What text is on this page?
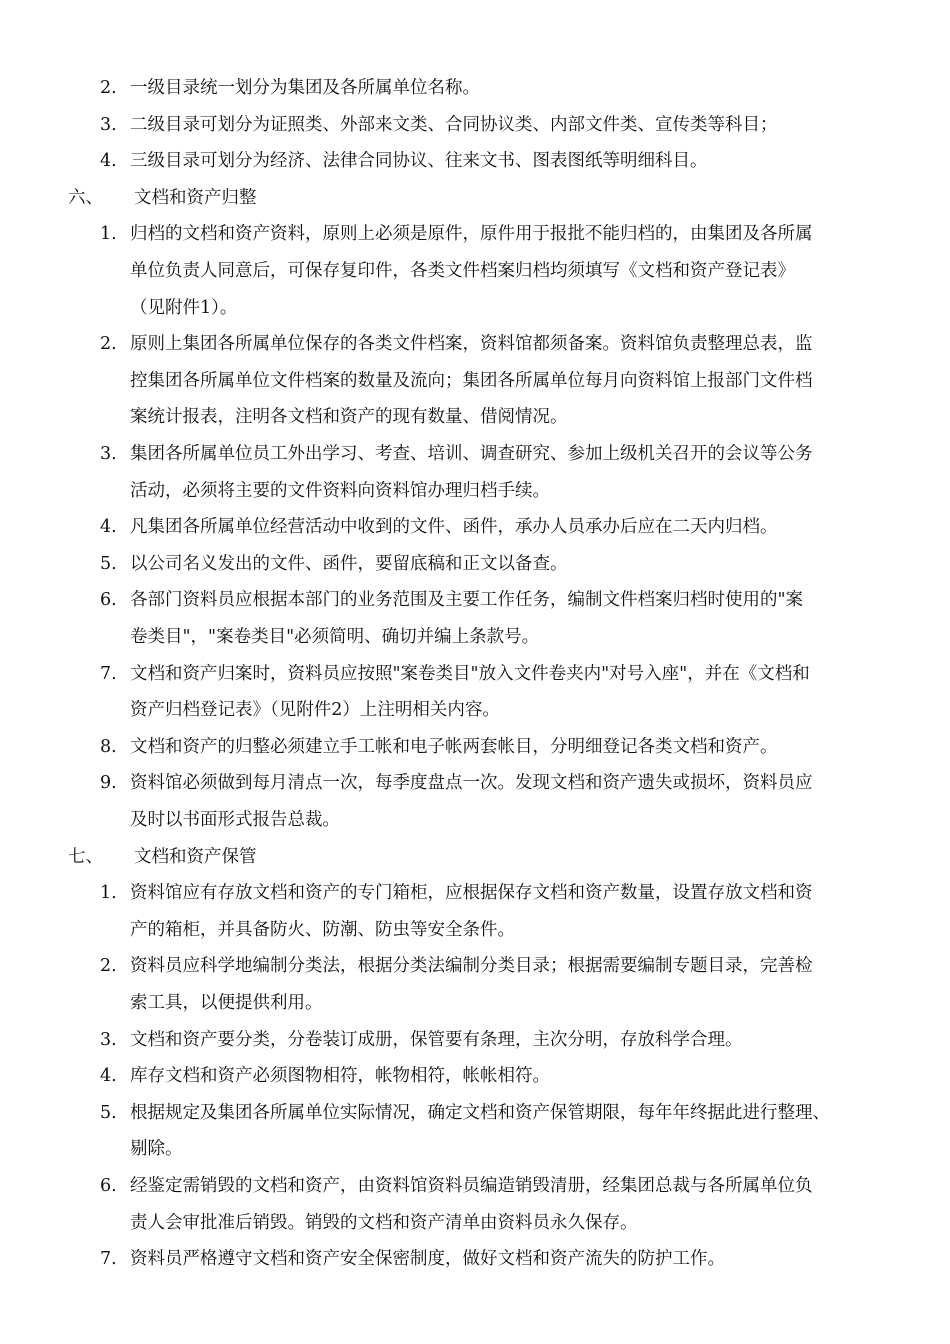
2. 一级目录统一划分为集团及各所属单位名称。
3. 二级目录可划分为证照类、外部来文类、合同协议类、内部文件类、宣传类等科目；
4. 三级目录可划分为经济、法律合同协议、往来文书、图表图纸等明细科目。
六、 文档和资产归整
1. 归档的文档和资产资料，原则上必须是原件，原件用于报批不能归档的，由集团及各所属
单位负责人同意后，可保存复印件，各类文件档案归档均须填写《文档和资产登记表》
（见附件1）。
2. 原则上集团各所属单位保存的各类文件档案，资料馆都须备案。资料馆负责整理总表，监
控集团各所属单位文件档案的数量及流向；集团各所属单位每月向资料馆上报部门文件档
案统计报表，注明各文档和资产的现有数量、借阅情况。
3. 集团各所属单位员工外出学习、考查、培训、调查研究、参加上级机关召开的会议等公务
活动，必须将主要的文件资料向资料馆办理归档手续。
4. 凡集团各所属单位经营活动中收到的文件、函件，承办人员承办后应在二天内归档。
5. 以公司名义发出的文件、函件，要留底稿和正文以备查。
6. 各部门资料员应根据本部门的业务范围及主要工作任务，编制文件档案归档时使用的"案
卷类目"，"案卷类目"必须简明、确切并编上条款号。
7. 文档和资产归案时，资料员应按照"案卷类目"放入文件卷夹内"对号入座"，并在《文档和
资产归档登记表》（见附件2）上注明相关内容。
8. 文档和资产的归整必须建立手工帐和电子帐两套帐目，分明细登记各类文档和资产。
9. 资料馆必须做到每月清点一次，每季度盘点一次。发现文档和资产遗失或损坏，资料员应
及时以书面形式报告总裁。
七、 文档和资产保管
1. 资料馆应有存放文档和资产的专门箱柜，应根据保存文档和资产数量，设置存放文档和资
产的箱柜，并具备防火、防潮、防虫等安全条件。
2. 资料员应科学地编制分类法，根据分类法编制分类目录；根据需要编制专题目录，完善检
索工具，以便提供利用。
3. 文档和资产要分类，分卷装订成册，保管要有条理，主次分明，存放科学合理。
4. 库存文档和资产必须图物相符，帐物相符，帐帐相符。
5. 根据规定及集团各所属单位实际情况，确定文档和资产保管期限，每年年终据此进行整理、
剔除。
6. 经鉴定需销毁的文档和资产，由资料馆资料员编造销毁清册，经集团总裁与各所属单位负
责人会审批准后销毁。销毁的文档和资产清单由资料员永久保存。
7. 资料员严格遵守文档和资产安全保密制度，做好文档和资产流失的防护工作。
